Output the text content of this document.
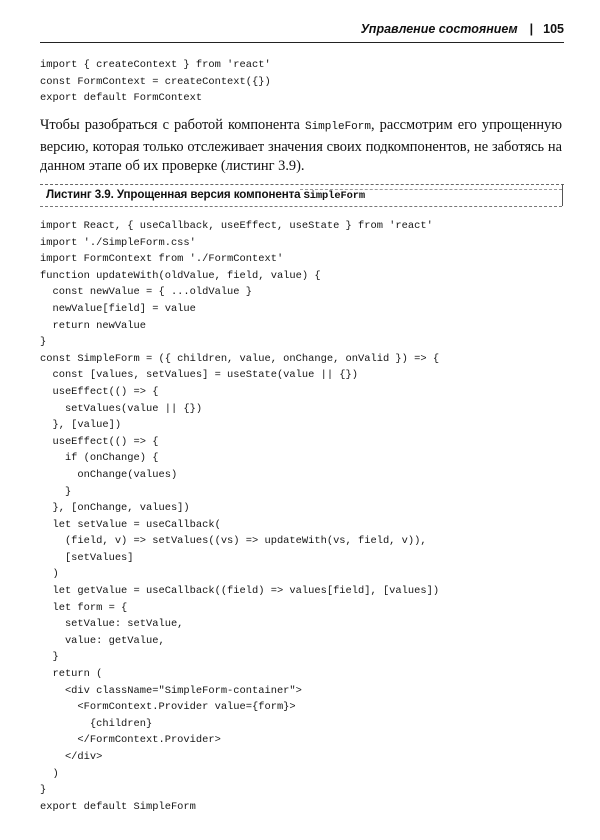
Управление состоянием | 105
import { createContext } from 'react'
const FormContext = createContext({})
export default FormContext

Чтобы разобраться с работой компонента SimpleForm, рассмотрим его упрощенную версию, которая только отслеживает значения своих подкомпонентов, не заботясь на данном этапе об их проверке (листинг 3.9).

Листинг 3.9. Упрощенная версия компонента SimpleForm
import React, { useCallback, useEffect, useState } from 'react'
import './SimpleForm.css'
import FormContext from './FormContext'
function updateWith(oldValue, field, value) {
const newValue = { ...oldValue }
newValue[field] = value
return newValue
}
const SimpleForm = ({ children, value, onChange, onValid }) => {
const [values, setValues] = useState(value || {})
useEffect(() => {
setValues(value || {})
}, [value])
useEffect(() => {
if (onChange) {
onChange(values)
}
}, [onChange, values])
let setValue = useCallback(
(field, v) => setValues((vs) => updateWith(vs, field, v)),
[setValues]
)
let getValue = useCallback((field) => values[field], [values])
let form = {
setValue: setValue,
value: getValue,
}
return (
<div className="SimpleForm-container">
<FormContext.Provider value={form}>
{children}
</FormContext.Provider>
</div>
)
}
export default SimpleForm
